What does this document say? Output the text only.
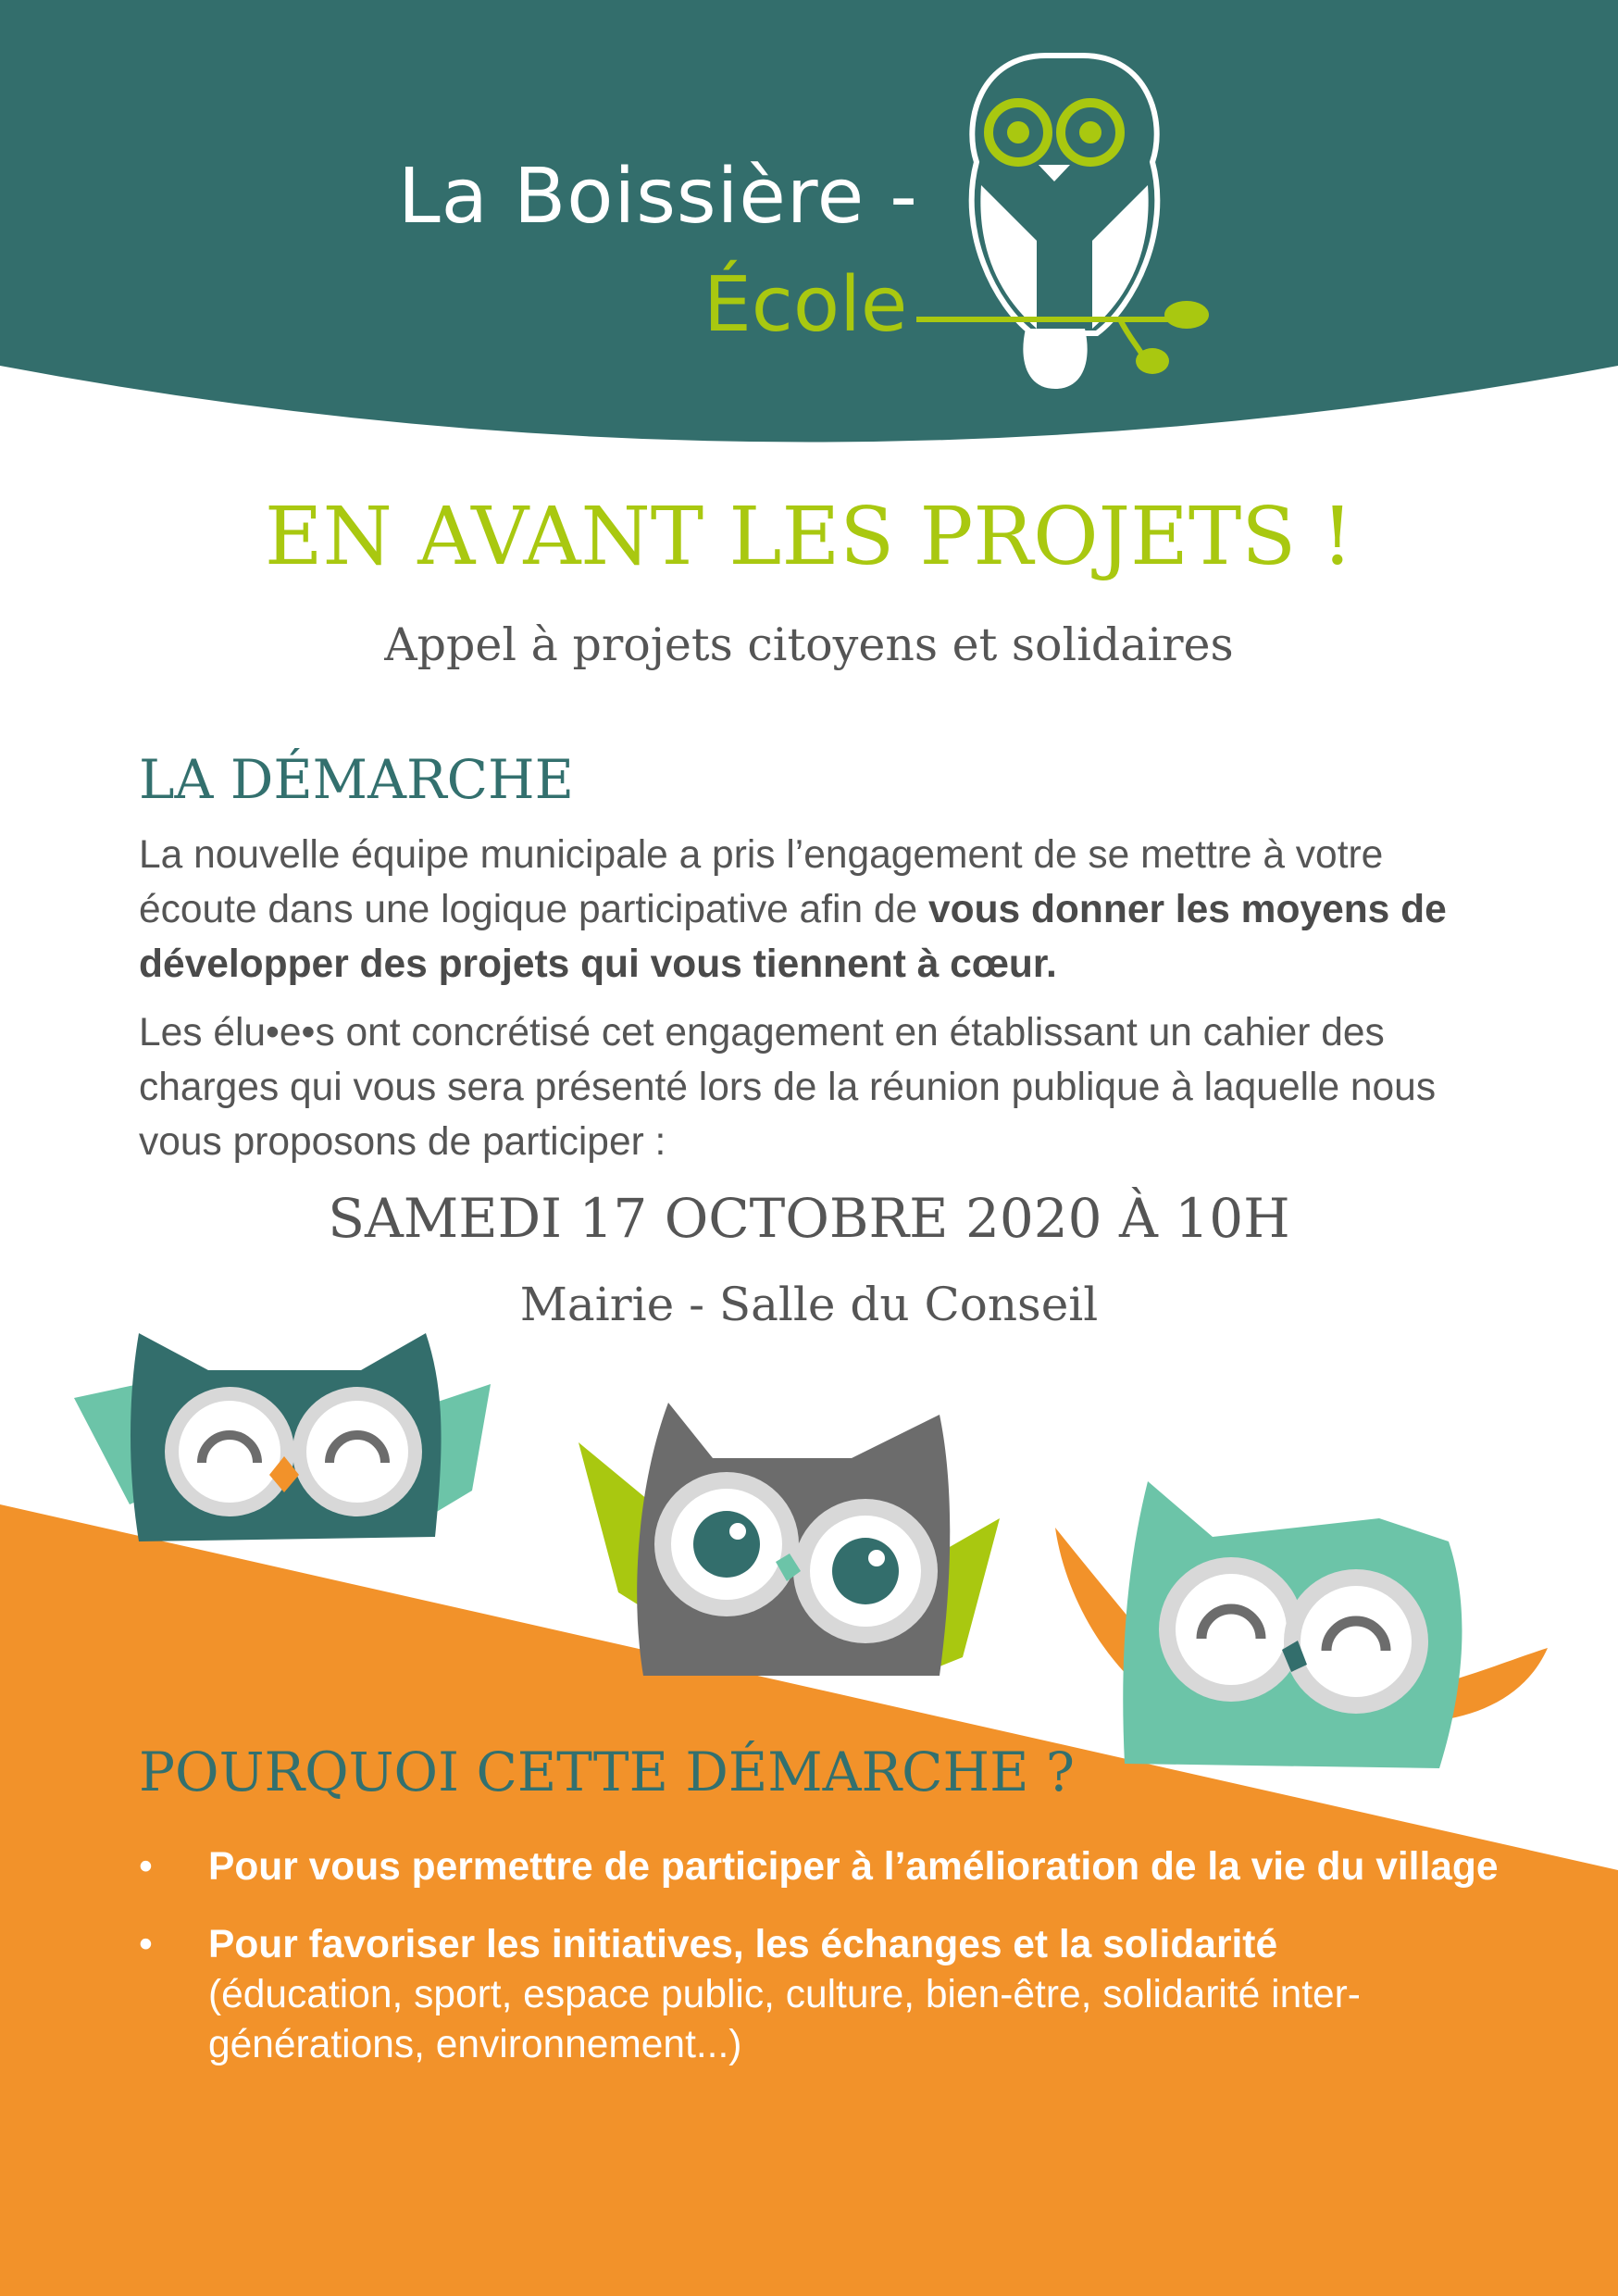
La Boissière -
École
EN AVANT LES PROJETS !
Appel à projets citoyens et solidaires
LA DÉMARCHE
La nouvelle équipe municipale a pris l’engagement de se mettre à votre écoute dans une logique participative afin de vous donner les moyens de développer des projets qui vous tiennent à cœur.
Les élu•e•s ont concrétisé cet engagement en établissant un cahier des charges qui vous sera présenté lors de la réunion publique à laquelle nous vous proposons de participer :
SAMEDI 17 OCTOBRE 2020 À 10H
Mairie - Salle du Conseil
POURQUOI CETTE DÉMARCHE ?
• Pour vous permettre de participer à l’amélioration de la vie du village
• Pour favoriser les initiatives, les échanges et la solidarité
(éducation, sport, espace public, culture, bien-être, solidarité inter-générations, environnement...)
